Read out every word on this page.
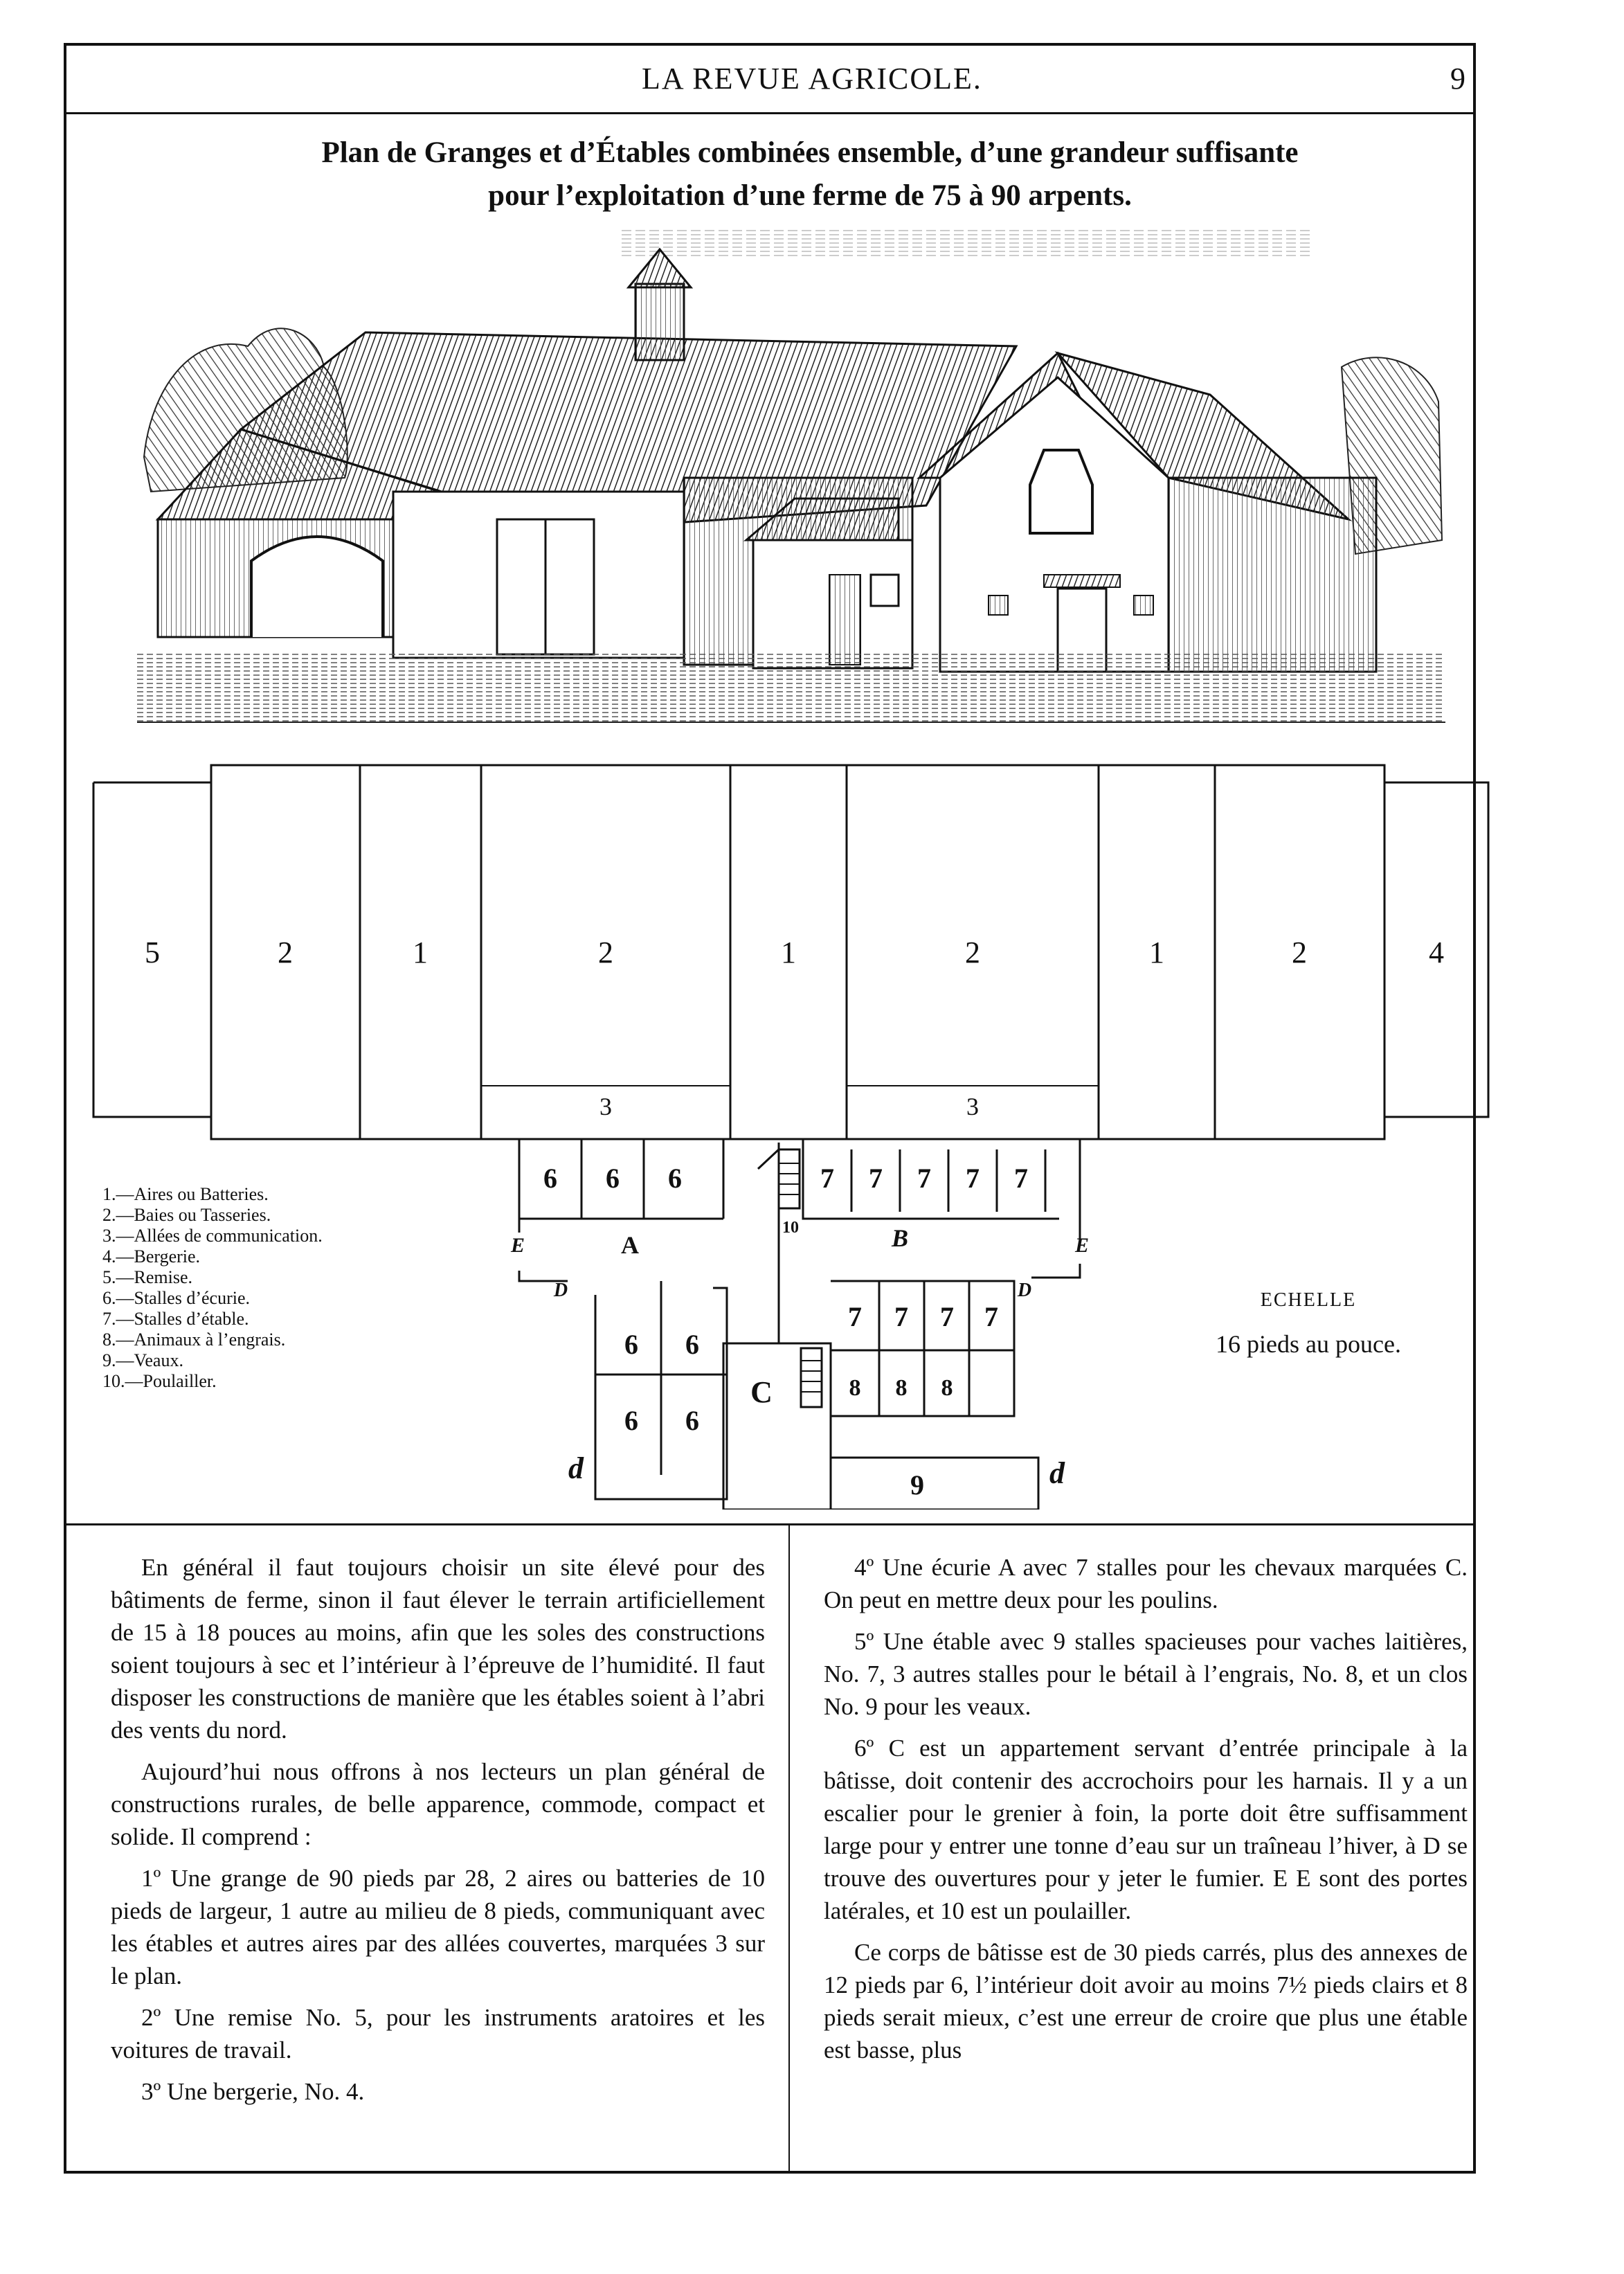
LA REVUE AGRICOLE.	9
Plan de Granges et d’Étables combinées ensemble, d’une grandeur suffisante
pour l’exploitation d’une ferme de 75 à 90 arpents.
5	2	1	2	1	2	1	2	4
3	3
6 6 6
6 6
6 6
7 7 7 7 7
7 7 7 7
8 8 8
10
A	B
C
E	E
D	D
d	d
9
1.—Aires ou Batteries.
2.—Baies ou Tasseries.
3.—Allées de communication.
4.—Bergerie.
5.—Remise.
6.—Stalles d’écurie.
7.—Stalles d’étable.
8.—Animaux à l’engrais.
9.—Veaux.
10.—Poulailler.
ECHELLE
16 pieds au pouce.

En général il faut toujours choisir un site élevé pour des bâtiments de ferme, sinon il faut élever le terrain artificiellement de 15 à 18 pouces au moins, afin que les soles des constructions soient toujours à sec et l’intérieur à l’épreuve de l’humidité. Il faut disposer les constructions de manière que les étables soient à l’abri des vents du nord.

Aujourd’hui nous offrons à nos lecteurs un plan général de constructions rurales, de belle apparence, commode, compact et solide. Il comprend :

1º Une grange de 90 pieds par 28, 2 aires ou batteries de 10 pieds de largeur, 1 autre au milieu de 8 pieds, communiquant avec les étables et autres aires par des allées couvertes, marquées 3 sur le plan.

2º Une remise No. 5, pour les instruments aratoires et les voitures de travail.

3º Une bergerie, No. 4.

4º Une écurie A avec 7 stalles pour les chevaux marquées C. On peut en mettre deux pour les poulins.

5º Une étable avec 9 stalles spacieuses pour vaches laitières, No. 7, 3 autres stalles pour le bétail à l’engrais, No. 8, et un clos No. 9 pour les veaux.

6º C est un appartement servant d’entrée principale à la bâtisse, doit contenir des accrochoirs pour les harnais. Il y a un escalier pour le grenier à foin, la porte doit être suffisamment large pour y entrer une tonne d’eau sur un traîneau l’hiver, à D se trouve des ouvertures pour y jeter le fumier. E E sont des portes latérales, et 10 est un poulailler.

Ce corps de bâtisse est de 30 pieds carrés, plus des annexes de 12 pieds par 6, l’intérieur doit avoir au moins 7½ pieds clairs et 8 pieds serait mieux, c’est une erreur de croire que plus une étable est basse, plus
